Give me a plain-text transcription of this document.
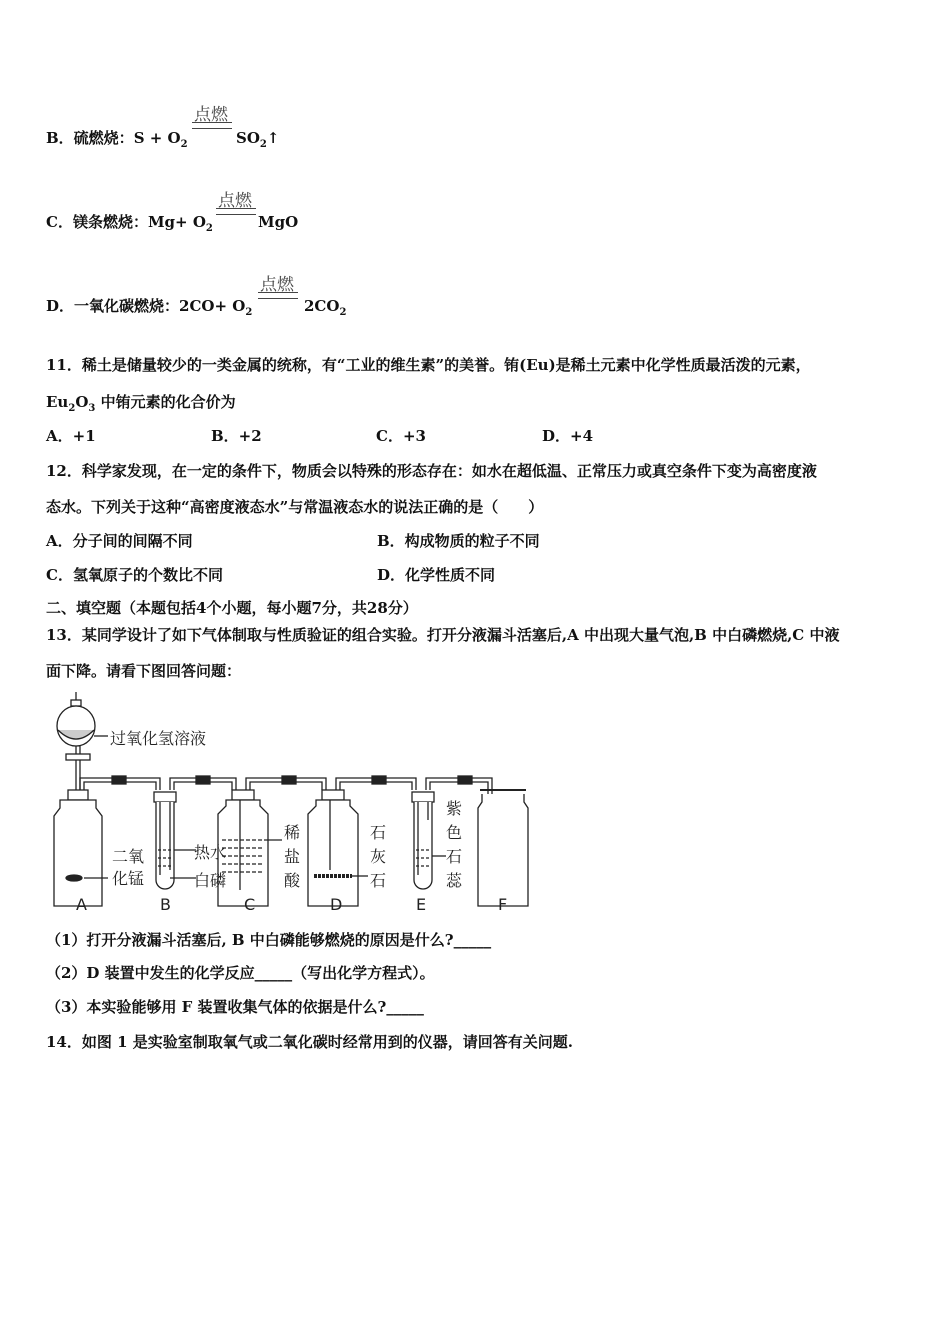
点燃
B．硫燃烧：$S + O_2$	$SO_2↑$
点燃
C．镁条燃烧：$Mg+ O_2$	MgO
点燃
D．一氧化碳燃烧：$2CO+ O_2$	$2CO_2$
11．稀土是储量较少的一类金属的统称，有“工业的维生素”的美誉。铕(Eu)是稀土元素中化学性质最活泼的元素，
$Eu_2O_3$ 中铕元素的化合价为
A．+1	B．+2	C．+3	D．+4
12．科学家发现，在一定的条件下，物质会以特殊的形态存在：如水在超低温、正常压力或真空条件下变为高密度液
态水。下列关于这种“高密度液态水”与常温液态水的说法正确的是（　　）
A．分子间的间隔不同	B．构成物质的粒子不同
C．氢氧原子的个数比不同	D．化学性质不同
二、填空题（本题包括4个小题，每小题7分，共28分）
13．某同学设计了如下气体制取与性质验证的组合实验。打开分液漏斗活塞后,A 中出现大量气泡,B 中白磷燃烧,C 中液
面下降。请看下图回答问题：
过氧化氢溶液
二氧
化锰
热水
白磷
稀
盐
酸
石
灰
石
紫
色
石
蕊
A	B	C	D	E	F
（1）打开分液漏斗活塞后, B 中白磷能够燃烧的原因是什么?_____
（2）D 装置中发生的化学反应_____（写出化学方程式）。
（3）本实验能够用 F 装置收集气体的依据是什么?_____
14．如图 1 是实验室制取氧气或二氧化碳时经常用到的仪器，请回答有关问题.
